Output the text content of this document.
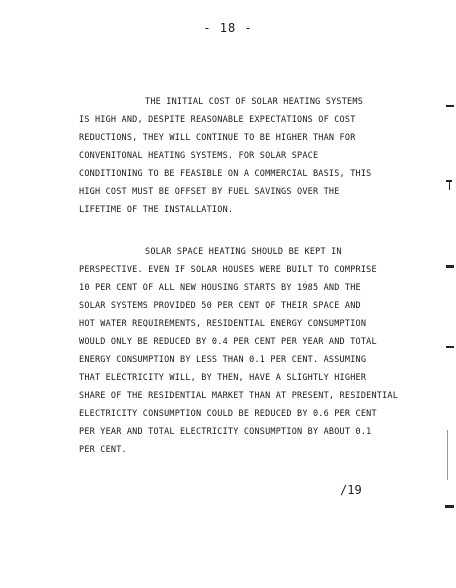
- 18 -
THE INITIAL COST OF SOLAR HEATING SYSTEMS
IS HIGH AND, DESPITE REASONABLE EXPECTATIONS OF COST
REDUCTIONS, THEY WILL CONTINUE TO BE HIGHER THAN FOR
CONVENITONAL HEATING SYSTEMS. FOR SOLAR SPACE
CONDITIONING TO BE FEASIBLE ON A COMMERCIAL BASIS, THIS
HIGH COST MUST BE OFFSET BY FUEL SAVINGS OVER THE
LIFETIME OF THE INSTALLATION.
SOLAR SPACE HEATING SHOULD BE KEPT IN
PERSPECTIVE. EVEN IF SOLAR HOUSES WERE BUILT TO COMPRISE
10 PER CENT OF ALL NEW HOUSING STARTS BY 1985 AND THE
SOLAR SYSTEMS PROVIDED 50 PER CENT OF THEIR SPACE AND
HOT WATER REQUIREMENTS, RESIDENTIAL ENERGY CONSUMPTION
WOULD ONLY BE REDUCED BY 0.4 PER CENT PER YEAR AND TOTAL
ENERGY CONSUMPTION BY LESS THAN 0.1 PER CENT. ASSUMING
THAT ELECTRICITY WILL, BY THEN, HAVE A SLIGHTLY HIGHER
SHARE OF THE RESIDENTIAL MARKET THAN AT PRESENT, RESIDENTIAL
ELECTRICITY CONSUMPTION COULD BE REDUCED BY 0.6 PER CENT
PER YEAR AND TOTAL ELECTRICITY CONSUMPTION BY ABOUT 0.1
PER CENT.
/19
